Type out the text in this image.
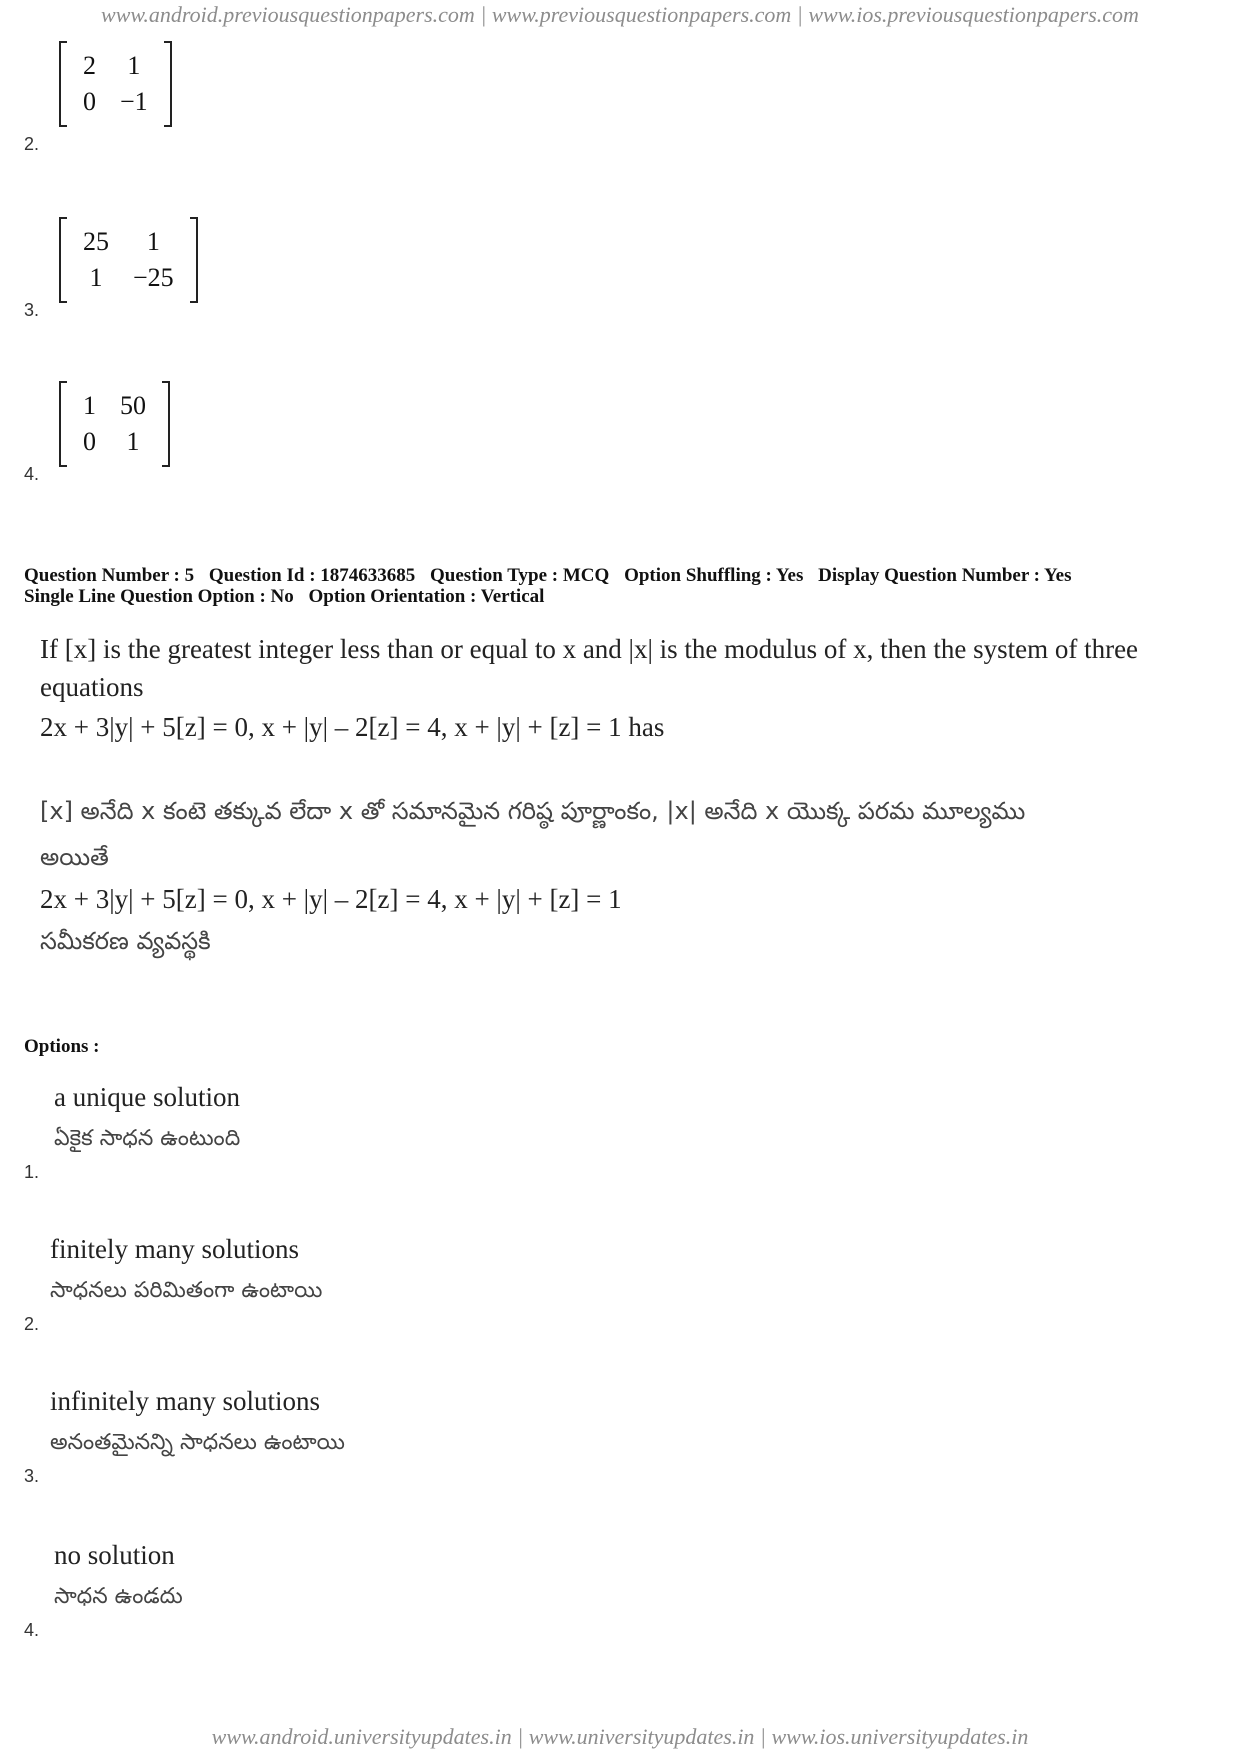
www.android.previousquestionpapers.com | www.previousquestionpapers.com | www.ios.previousquestionpapers.com
2	1
0	−1
2.
25	1
1	−25
3.
1	50
0	1
4.
Question Number : 5 Question Id : 1874633685 Question Type : MCQ Option Shuffling : Yes Display Question Number : Yes
Single Line Question Option : No Option Orientation : Vertical

If [x] is the greatest integer less than or equal to x and |x| is the modulus of x, then the system of three equations

2x + 3|y| + 5[z] = 0, x + |y| – 2[z] = 4, x + |y| + [z] = 1 has

[x] అనేది x కంటె తక్కువ లేదా x తో సమానమైన గరిష్ఠ పూర్ణాంకం, |x| అనేది x యొక్క పరమ మూల్యము

అయితే

2x + 3|y| + 5[z] = 0, x + |y| – 2[z] = 4, x + |y| + [z] = 1

సమీకరణ వ్యవస్థకి

Options :
a unique solution
ఏకైక సాధన ఉంటుంది
1.
finitely many solutions
సాధనలు పరిమితంగా ఉంటాయి
2.
infinitely many solutions
అనంతమైనన్ని సాధనలు ఉంటాయి
3.
no solution
సాధన ఉండదు
4.
www.android.universityupdates.in | www.universityupdates.in | www.ios.universityupdates.in
